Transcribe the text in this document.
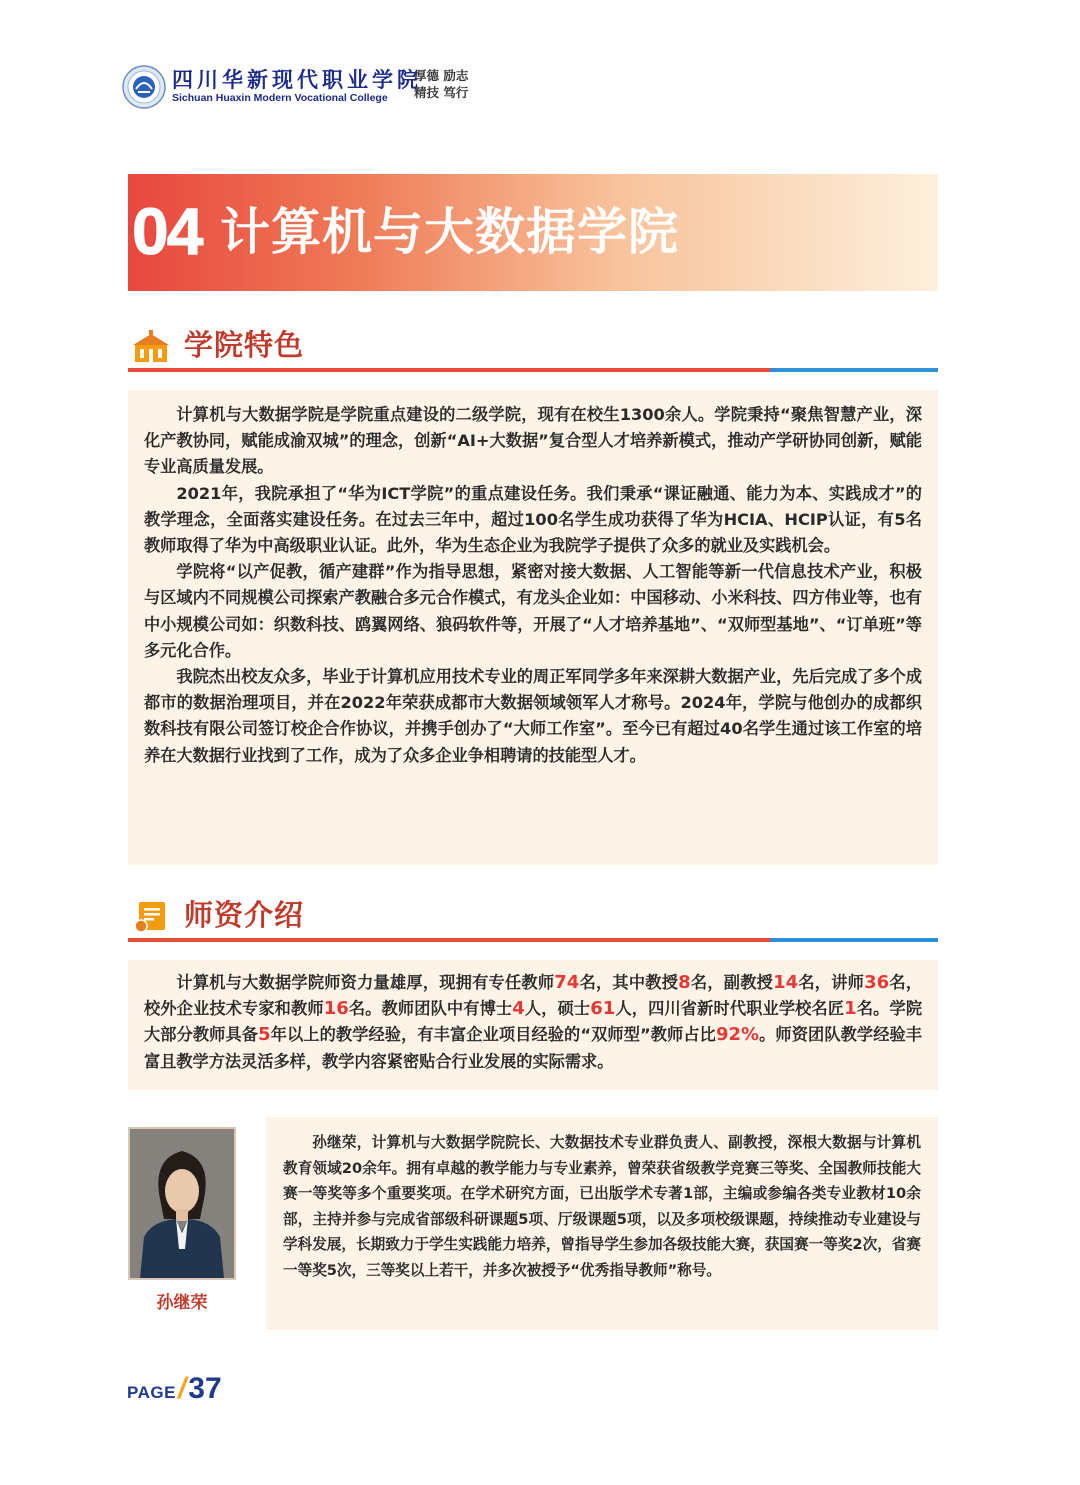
四川华新现代职业学院
Sichuan Huaxin Modern Vocational College
厚德 励志
精技 笃行
04 计算机与大数据学院
学院特色

计算机与大数据学院是学院重点建设的二级学院，现有在校生1300余人。学院秉持“聚焦智慧产业，深化产教协同，赋能成渝双城”的理念，创新“AI+大数据”复合型人才培养新模式，推动产学研协同创新，赋能专业高质量发展。

2021年，我院承担了“华为ICT学院”的重点建设任务。我们秉承“课证融通、能力为本、实践成才”的教学理念，全面落实建设任务。在过去三年中，超过100名学生成功获得了华为HCIA、HCIP认证，有5名教师取得了华为中高级职业认证。此外，华为生态企业为我院学子提供了众多的就业及实践机会。

学院将“以产促教，循产建群”作为指导思想，紧密对接大数据、人工智能等新一代信息技术产业，积极与区域内不同规模公司探索产教融合多元合作模式，有龙头企业如：中国移动、小米科技、四方伟业等，也有中小规模公司如：织数科技、鸥翼网络、狼码软件等，开展了“人才培养基地”、“双师型基地”、“订单班”等多元化合作。

我院杰出校友众多，毕业于计算机应用技术专业的周正军同学多年来深耕大数据产业，先后完成了多个成都市的数据治理项目，并在2022年荣获成都市大数据领域领军人才称号。2024年，学院与他创办的成都织数科技有限公司签订校企合作协议，并携手创办了“大师工作室”。至今已有超过40名学生通过该工作室的培养在大数据行业找到了工作，成为了众多企业争相聘请的技能型人才。

师资介绍

计算机与大数据学院师资力量雄厚，现拥有专任教师74名，其中教授8名，副教授14名，讲师36名，校外企业技术专家和教师16名。教师团队中有博士4人，硕士61人，四川省新时代职业学校名匠1名。学院大部分教师具备5年以上的教学经验，有丰富企业项目经验的“双师型”教师占比92%。师资团队教学经验丰富且教学方法灵活多样，教学内容紧密贴合行业发展的实际需求。

孙继荣

孙继荣，计算机与大数据学院院长、大数据技术专业群负责人、副教授，深根大数据与计算机教育领域20余年。拥有卓越的教学能力与专业素养，曾荣获省级教学竞赛三等奖、全国教师技能大赛一等奖等多个重要奖项。在学术研究方面，已出版学术专著1部，主编或参编各类专业教材10余部，主持并参与完成省部级科研课题5项、厅级课题5项，以及多项校级课题，持续推动专业建设与学科发展，长期致力于学生实践能力培养，曾指导学生参加各级技能大赛，获国赛一等奖2次，省赛一等奖5次，三等奖以上若干，并多次被授予“优秀指导教师”称号。

PAGE/37
